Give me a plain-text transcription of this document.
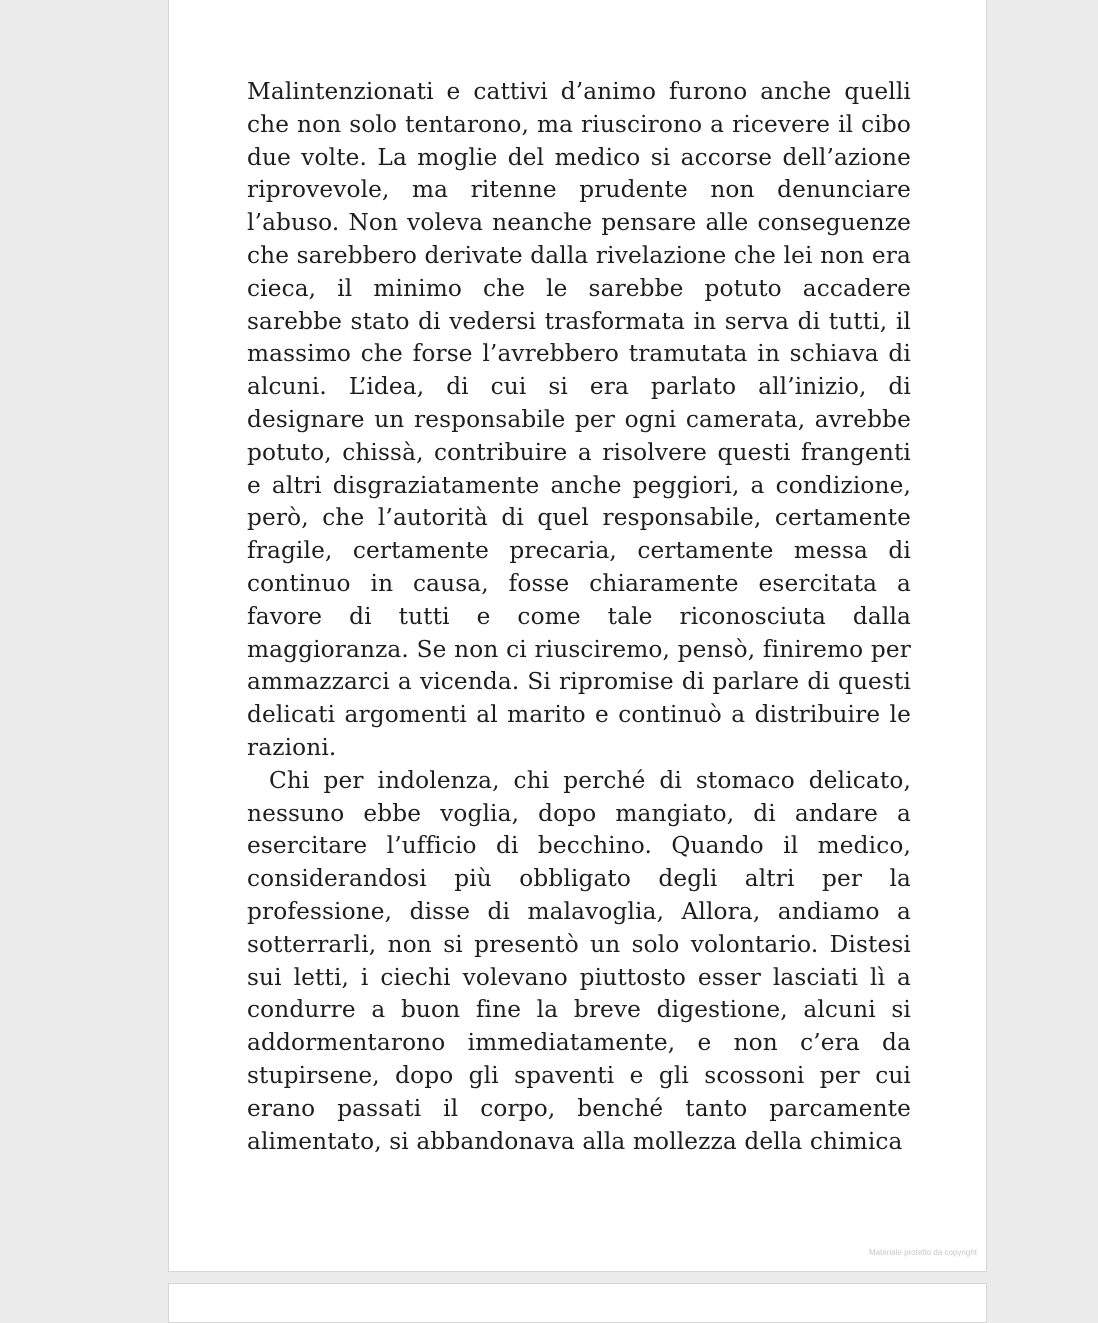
Malintenzionati e cattivi d’animo furono anche quelli che non solo tentarono, ma riuscirono a ricevere il cibo due volte. La moglie del medico si accorse dell’azione riprovevole, ma ritenne prudente non denunciare l’abuso. Non voleva neanche pensare alle conseguenze che sarebbero derivate dalla rivelazione che lei non era cieca, il minimo che le sarebbe potuto accadere sarebbe stato di vedersi trasformata in serva di tutti, il massimo che forse l’avrebbero tramutata in schiava di alcuni. L’idea, di cui si era parlato all’inizio, di designare un responsabile per ogni camerata, avrebbe potuto, chissà, contribuire a risolvere questi frangenti e altri disgraziatamente anche peggiori, a condizione, però, che l’autorità di quel responsabile, certamente fragile, certamente precaria, certamente messa di continuo in causa, fosse chiaramente esercitata a favore di tutti e come tale riconosciuta dalla maggioranza. Se non ci riusciremo, pensò, finiremo per ammazzarci a vicenda. Si ripromise di parlare di questi delicati argomenti al marito e continuò a distribuire le razioni.

Chi per indolenza, chi perché di stomaco delicato, nessuno ebbe voglia, dopo mangiato, di andare a esercitare l’ufficio di becchino. Quando il medico, considerandosi più obbligato degli altri per la professione, disse di malavoglia, Allora, andiamo a sotterrarli, non si presentò un solo volontario. Distesi sui letti, i ciechi volevano piuttosto esser lasciati lì a condurre a buon fine la breve digestione, alcuni si addormentarono immediatamente, e non c’era da stupirsene, dopo gli spaventi e gli scossoni per cui erano passati il corpo, benché tanto parcamente alimentato, si abbandonava alla mollezza della chimica

Materiale protetto da copyright
